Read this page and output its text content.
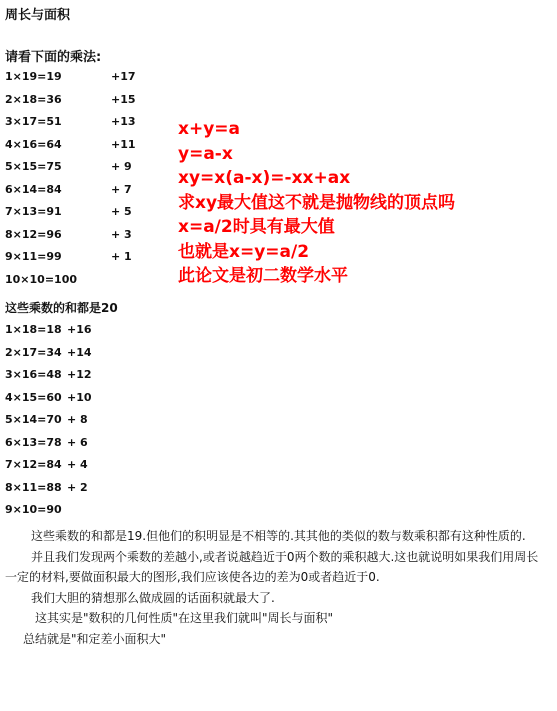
周长与面积
请看下面的乘法:
1×19=19	+17
2×18=36	+15
3×17=51	+13
4×16=64	+11
5×15=75	+ 9
6×14=84	+ 7
7×13=91	+ 5
8×12=96	+ 3
9×11=99	+ 1
10×10=100
这些乘数的和都是20
1×18=18 +16
2×17=34 +14
3×16=48 +12
4×15=60 +10
5×14=70 + 8
6×13=78 + 6
7×12=84 + 4
8×11=88 + 2
9×10=90
x+y=a
y=a-x
xy=x(a-x)=-xx+ax
求xy最大值这不就是抛物线的顶点吗
x=a/2时具有最大值
也就是x=y=a/2
此论文是初二数学水平

这些乘数的和都是19.但他们的积明显是不相等的.其其他的类似的数与数乘积都有这种性质的.

并且我们发现两个乘数的差越小,或者说越趋近于0两个数的乘积越大.这也就说明如果我们用周长一定的材料,要做面积最大的图形,我们应该使各边的差为0或者趋近于0.

我们大胆的猜想那么做成圆的话面积就最大了.

这其实是"数积的几何性质"在这里我们就叫"周长与面积"

总结就是"和定差小面积大"
